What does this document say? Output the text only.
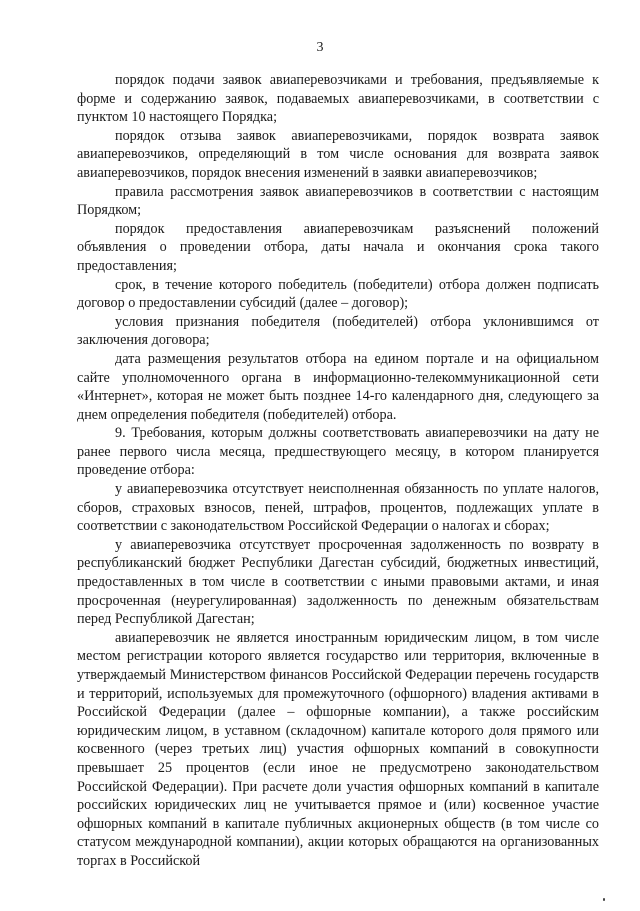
3

порядок подачи заявок авиаперевозчиками и требования, предъявляемые к форме и содержанию заявок, подаваемых авиаперевозчиками, в соответствии с пунктом 10 настоящего Порядка;

порядок отзыва заявок авиаперевозчиками, порядок возврата заявок авиаперевозчиков, определяющий в том числе основания для возврата заявок авиаперевозчиков, порядок внесения изменений в заявки авиаперевозчиков;

правила рассмотрения заявок авиаперевозчиков в соответствии с настоящим Порядком;

порядок предоставления авиаперевозчикам разъяснений положений объявления о проведении отбора, даты начала и окончания срока такого предоставления;

срок, в течение которого победитель (победители) отбора должен подписать договор о предоставлении субсидий (далее – договор);

условия признания победителя (победителей) отбора уклонившимся от заключения договора;

дата размещения результатов отбора на едином портале и на официальном сайте уполномоченного органа в информационно-телекоммуникационной сети «Интернет», которая не может быть позднее 14-го календарного дня, следующего за днем определения победителя (победителей) отбора.

9. Требования, которым должны соответствовать авиаперевозчики на дату не ранее первого числа месяца, предшествующего месяцу, в котором планируется проведение отбора:

у авиаперевозчика отсутствует неисполненная обязанность по уплате налогов, сборов, страховых взносов, пеней, штрафов, процентов, подлежащих уплате в соответствии с законодательством Российской Федерации о налогах и сборах;

у авиаперевозчика отсутствует просроченная задолженность по возврату в республиканский бюджет Республики Дагестан субсидий, бюджетных инвестиций, предоставленных в том числе в соответствии с иными правовыми актами, и иная просроченная (неурегулированная) задолженность по денежным обязательствам перед Республикой Дагестан;

авиаперевозчик не является иностранным юридическим лицом, в том числе местом регистрации которого является государство или территория, включенные в утверждаемый Министерством финансов Российской Федерации перечень государств и территорий, используемых для промежуточного (офшорного) владения активами в Российской Федерации (далее – офшорные компании), а также российским юридическим лицом, в уставном (складочном) капитале которого доля прямого или косвенного (через третьих лиц) участия офшорных компаний в совокупности превышает 25 процентов (если иное не предусмотрено законодательством Российской Федерации). При расчете доли участия офшорных компаний в капитале российских юридических лиц не учитывается прямое и (или) косвенное участие офшорных компаний в капитале публичных акционерных обществ (в том числе со статусом международной компании), акции которых обращаются на организованных торгах в Российской
